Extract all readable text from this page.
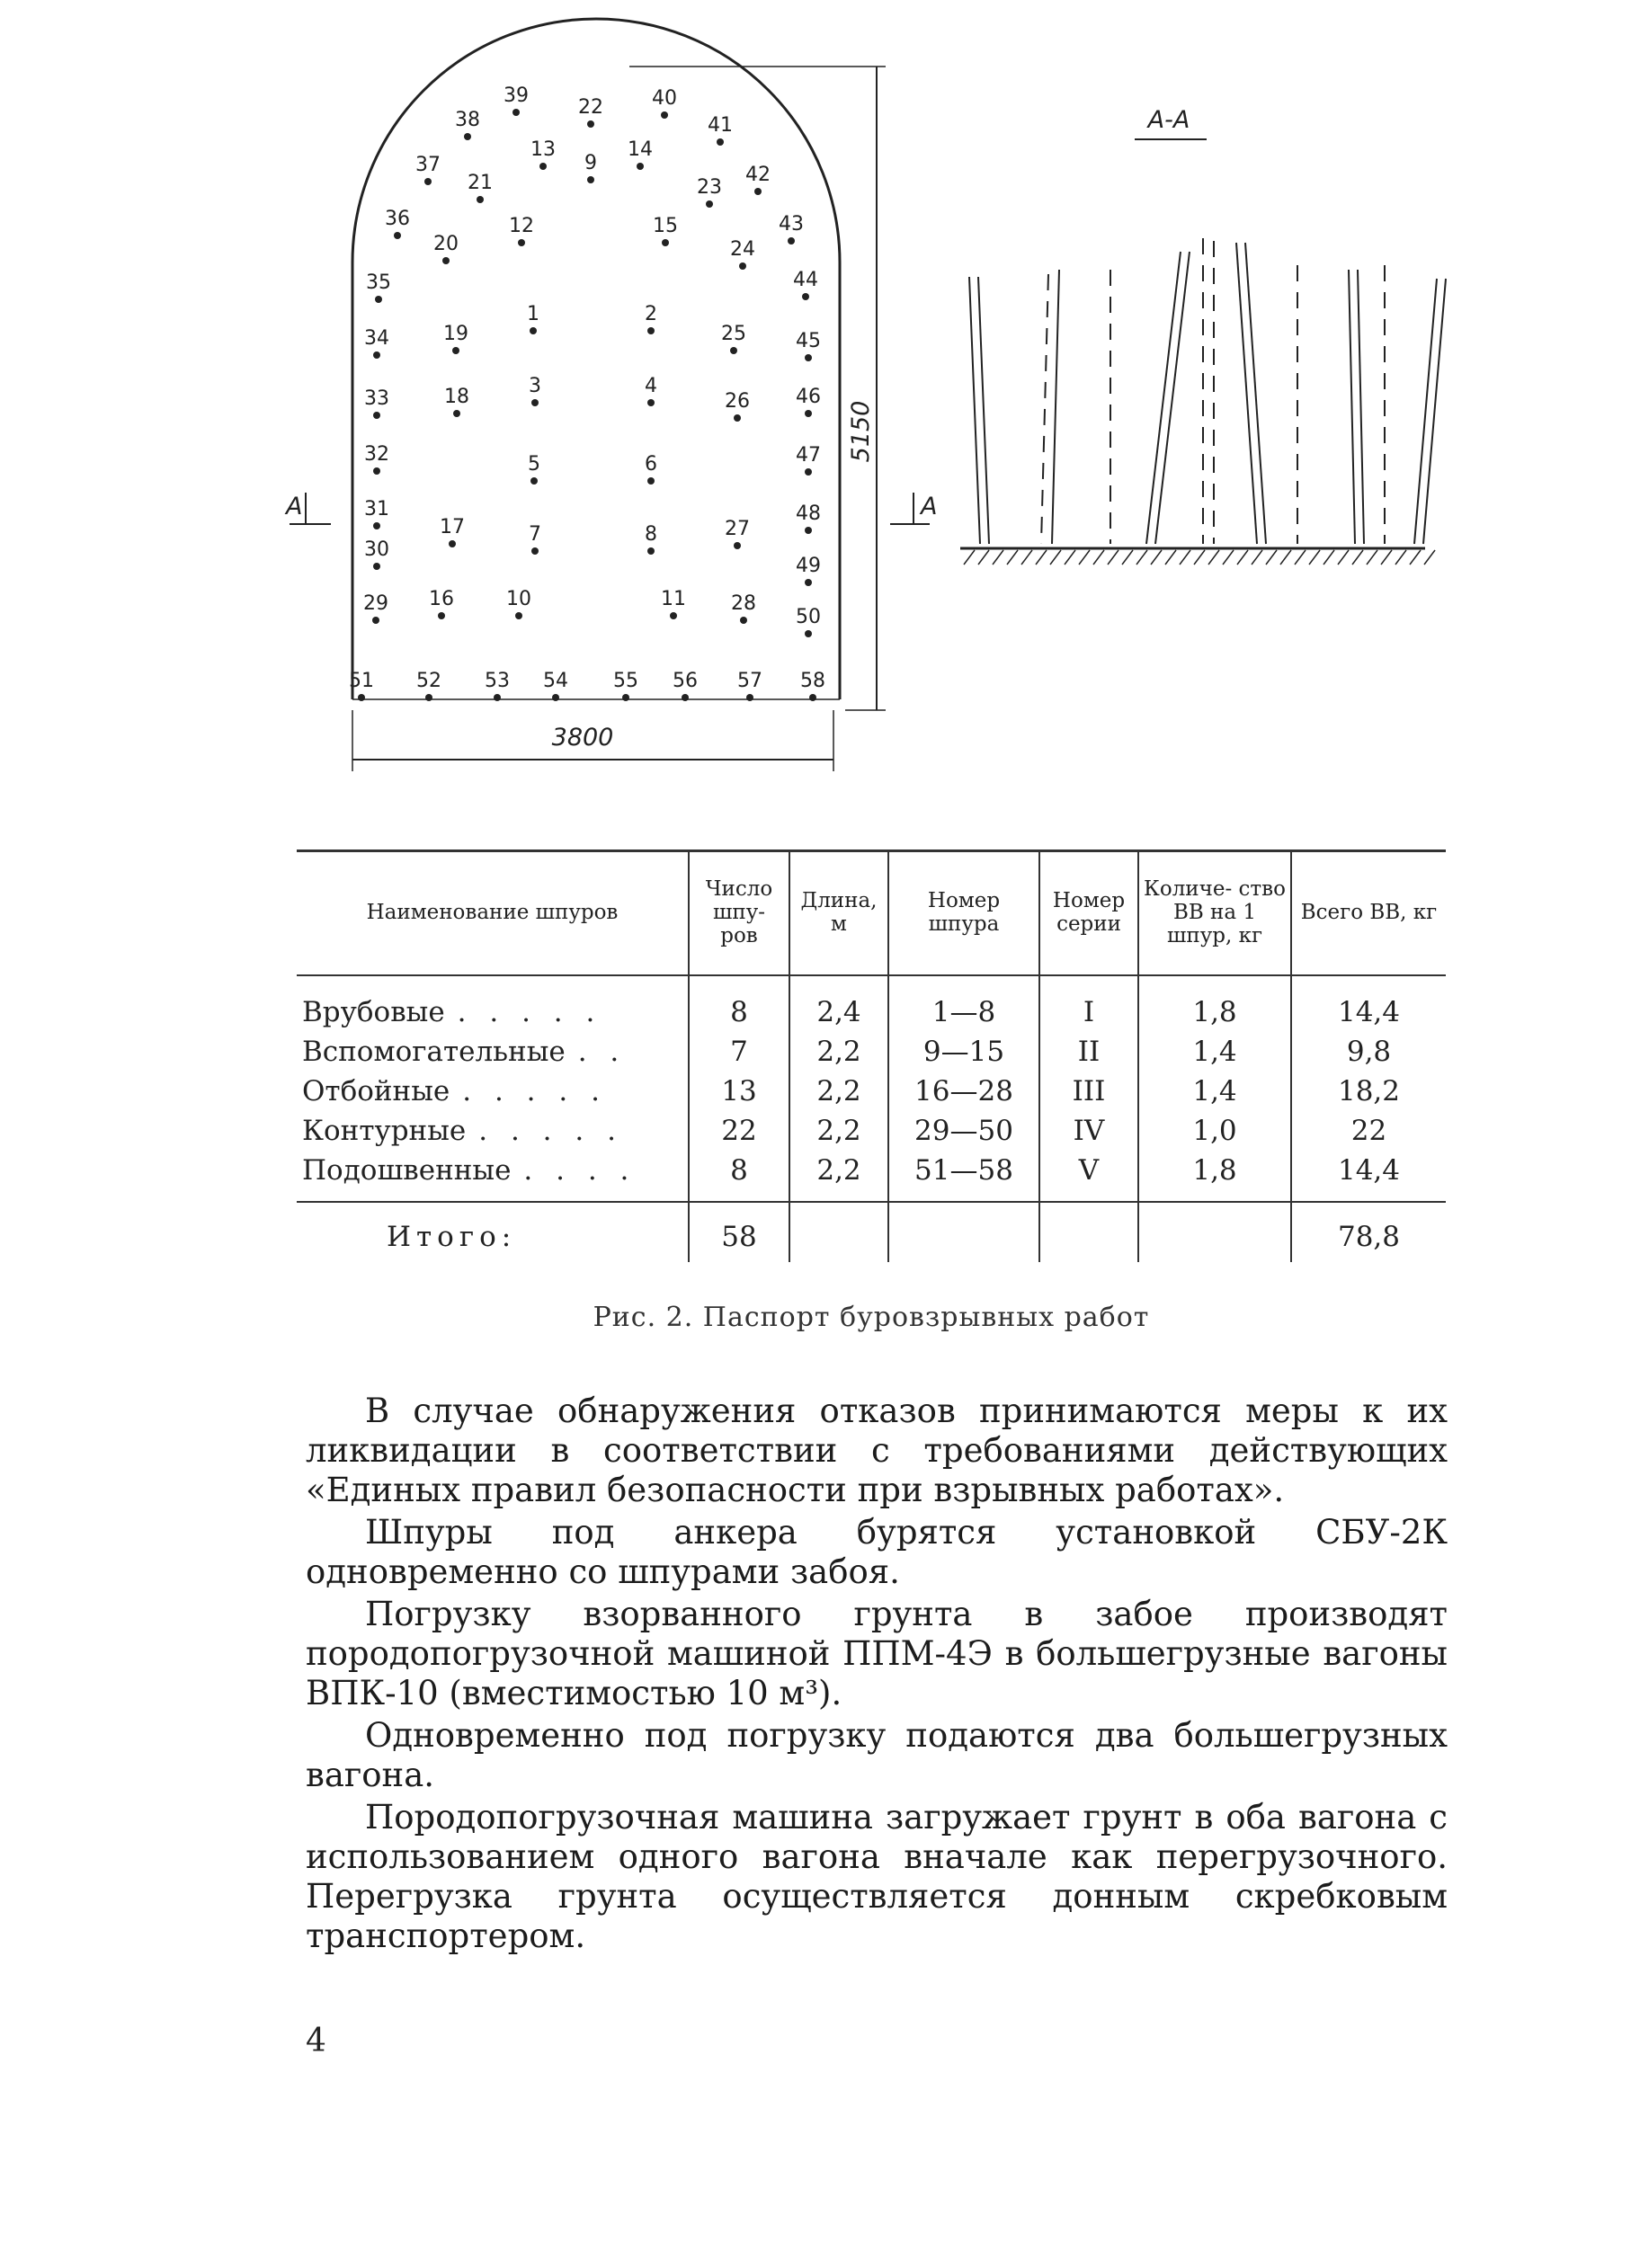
5150
3800
А	А
А-А
1	2
3	4
5	6
7	8
9
10	11
12
13	14
15
16
17
18
19
20
21
22
23
24
25
26
27
28
29
30
31
32
33
34
35
36
37
38
39	40
41
42
43
44
45
46
47
48
49
50
51 52 53 54 55 56 57 58
Наименование шпуров	Число шпу- ров	Длина, м	Номер шпура	Номер серии	Количе- ство ВВ на 1 шпур, кг	Всего ВВ, кг
Врубовые . . . . .	8	2,4	1—8	I	1,8	14,4
Вспомогательные . .	7	2,2	9—15	II	1,4	9,8
Отбойные . . . . .	13	2,2	16—28	III	1,4	18,2
Контурные . . . . .	22	2,2	29—50	IV	1,0	22
Подошвенные . . . .	8	2,2	51—58	V	1,8	14,4
Итого:	58					78,8
Рис. 2. Паспорт буровзрывных работ

В случае обнаружения отказов принимаются меры к их ликвидации в соответствии с требованиями действующих «Единых правил безопасности при взрывных работах».

Шпуры под анкера бурятся установкой СБУ-2К одновременно со шпурами забоя.

Погрузку взорванного грунта в забое производят породопогрузочной машиной ППМ-4Э в большегрузные вагоны ВПК-10 (вместимостью 10 м³).

Одновременно под погрузку подаются два большегрузных вагона.

Породопогрузочная машина загружает грунт в оба вагона с использованием одного вагона вначале как перегрузочного. Перегрузка грунта осуществляется донным скребковым транспортером.

4
